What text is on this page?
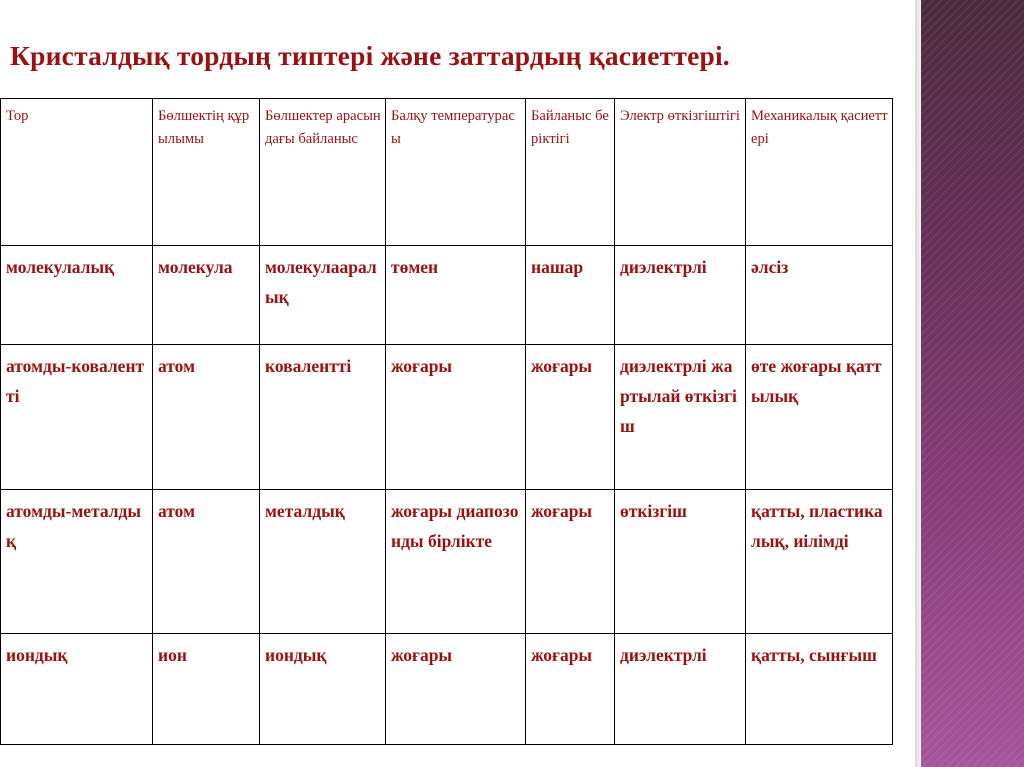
Кристалдық тордың типтері және заттардың қасиеттері.
Тор	Бөлшектің құрылымы	Бөлшектер арасындағы байланыс	Балқу температурасы	Байланыс беріктігі	Электр өткізгіштігі	Механикалық қасиеттері
молекулалық	молекула	молекулааралық	төмен	нашар	диэлектрлі	әлсіз
атомды-ковалентті	атом	ковалентті	жоғары	жоғары	диэлектрлі жартылай өткізгіш	өте жоғары қаттылық
атомды-металдық	атом	металдық	жоғары диапозонды бірлікте	жоғары	өткізгіш	қатты, пластикалық, иілімді
иондық	ион	иондық	жоғары	жоғары	диэлектрлі	қатты, сынғыш
